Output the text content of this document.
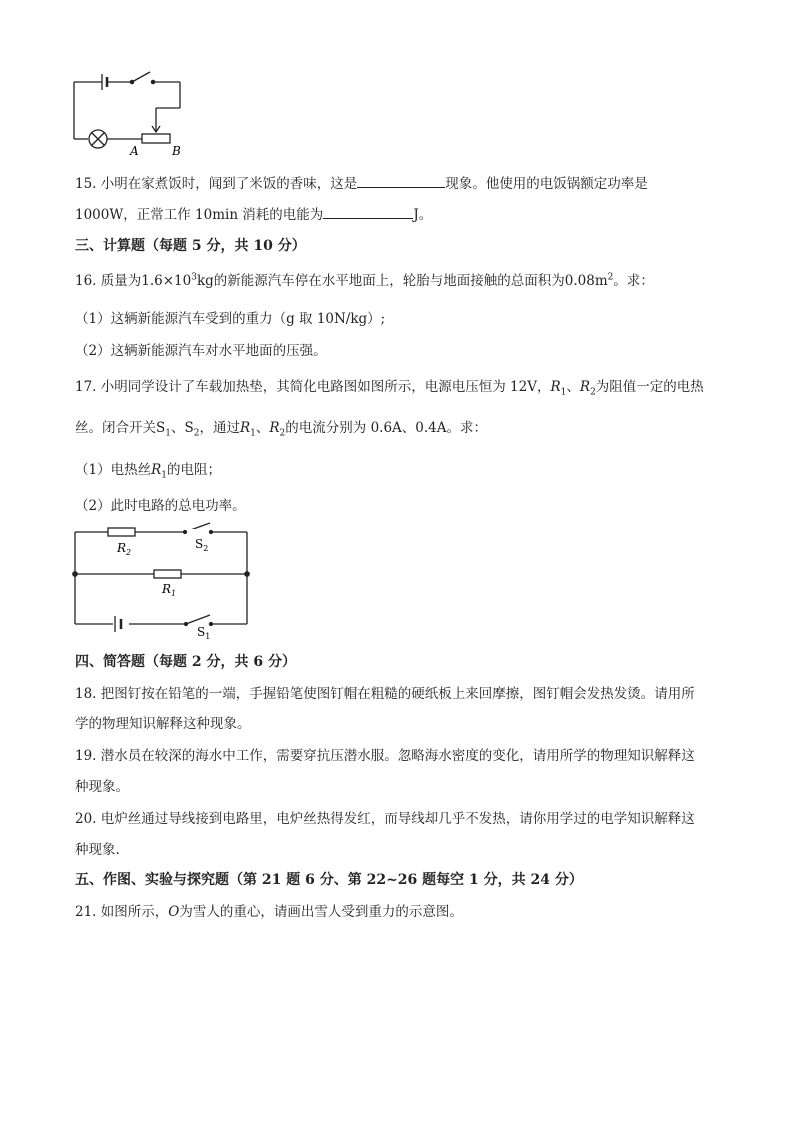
A	B
15. 小明在家煮饭时，闻到了米饭的香味，这是	现象。他使用的电饭锅额定功率是
1000W，正常工作 10min 消耗的电能为	J。
三、计算题（每题 5 分，共 10 分）
16. 质量为$1.6\times 10^3kg$的新能源汽车停在水平地面上，轮胎与地面接触的总面积为$0.08m^2$。求：
（1）这辆新能源汽车受到的重力（g 取 10N/kg）;
（2）这辆新能源汽车对水平地面的压强。
17. 小明同学设计了车载加热垫，其简化电路图如图所示，电源电压恒为 12V，$R_1$、$R_2$为阻值一定的电热
丝。闭合开关$S_1$、$S_2$，通过$R_1$、$R_2$的电流分别为 0.6A、0.4A。求：
（1）电热丝$R_1$的电阻；
（2）此时电路的总电功率。
$R_2$
$S_2$
$R_1$
$S_1$
四、简答题（每题 2 分，共 6 分）
18. 把图钉按在铅笔的一端，手握铅笔使图钉帽在粗糙的硬纸板上来回摩擦，图钉帽会发热发烫。请用所
学的物理知识解释这种现象。
19. 潜水员在较深的海水中工作，需要穿抗压潜水服。忽略海水密度的变化，请用所学的物理知识解释这
种现象。
20. 电炉丝通过导线接到电路里，电炉丝热得发红，而导线却几乎不发热，请你用学过的电学知识解释这
种现象.
五、作图、实验与探究题（第 21 题 6 分、第 22~26 题每空 1 分，共 24 分）
21. 如图所示，O为雪人的重心，请画出雪人受到重力的示意图。
